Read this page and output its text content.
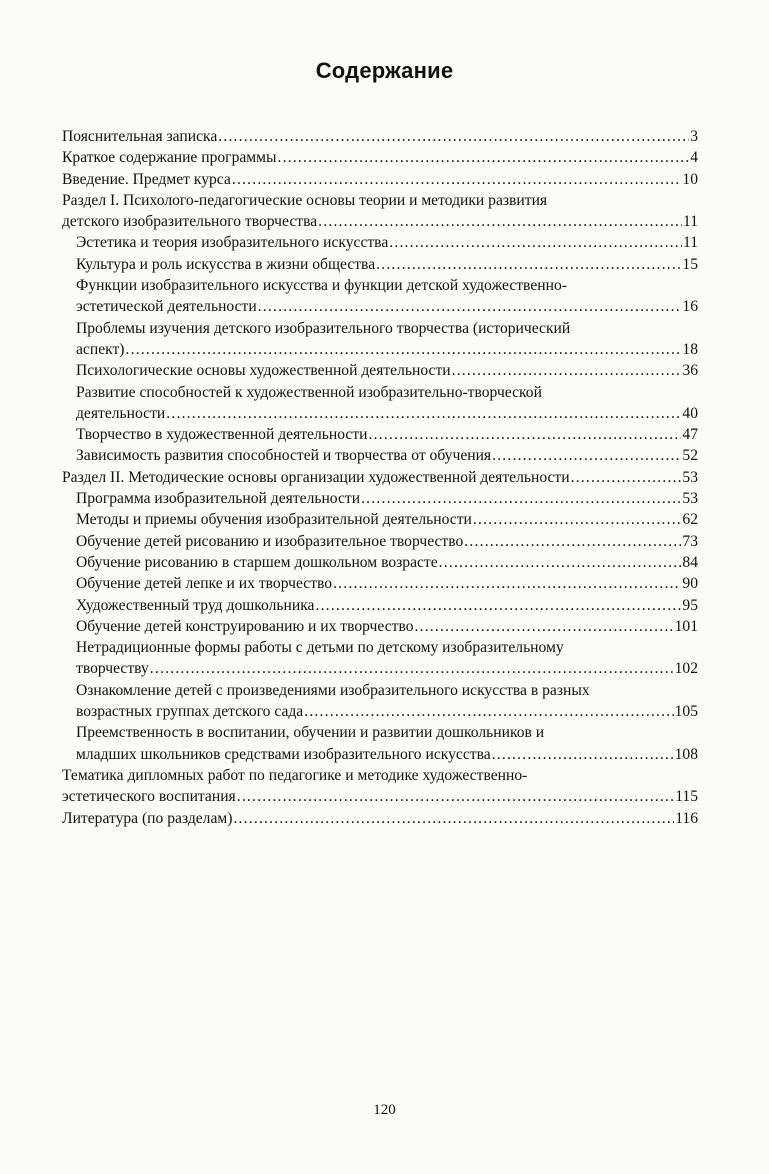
Содержание
Пояснительная записка .....	3
Краткое содержание программы .....	4
Введение. Предмет курса .....	10
Раздел I. Психолого-педагогические основы теории и методики развития
детского изобразительного творчества .....	11
Эстетика и теория изобразительного искусства .....	11
Культура и роль искусства в жизни общества .....	15
Функции изобразительного искусства и функции детской художественно-
эстетической деятельности .....	16
Проблемы изучения детского изобразительного творчества (исторический
аспект) .....	18
Психологические основы художественной деятельности .....	36
Развитие способностей к художественной изобразительно-творческой
деятельности .....	40
Творчество в художественной деятельности .....	47
Зависимость развития способностей и творчества от обучения .....	52
Раздел II. Методические основы организации художественной деятельности .....	53
Программа изобразительной деятельности .....	53
Методы и приемы обучения изобразительной деятельности .....	62
Обучение детей рисованию и изобразительное творчество .....	73
Обучение рисованию в старшем дошкольном возрасте .....	84
Обучение детей лепке и их творчество .....	90
Художественный труд дошкольника .....	95
Обучение детей конструированию и их творчество .....	101
Нетрадиционные формы работы с детьми по детскому изобразительному
творчеству .....	102
Ознакомление детей с произведениями изобразительного искусства в разных
возрастных группах детского сада .....	105
Преемственность в воспитании, обучении и развитии дошкольников и
младших школьников средствами изобразительного искусства .....	108
Тематика дипломных работ по педагогике и методике художественно-
эстетического воспитания .....	115
Литература (по разделам) .....	116
120
